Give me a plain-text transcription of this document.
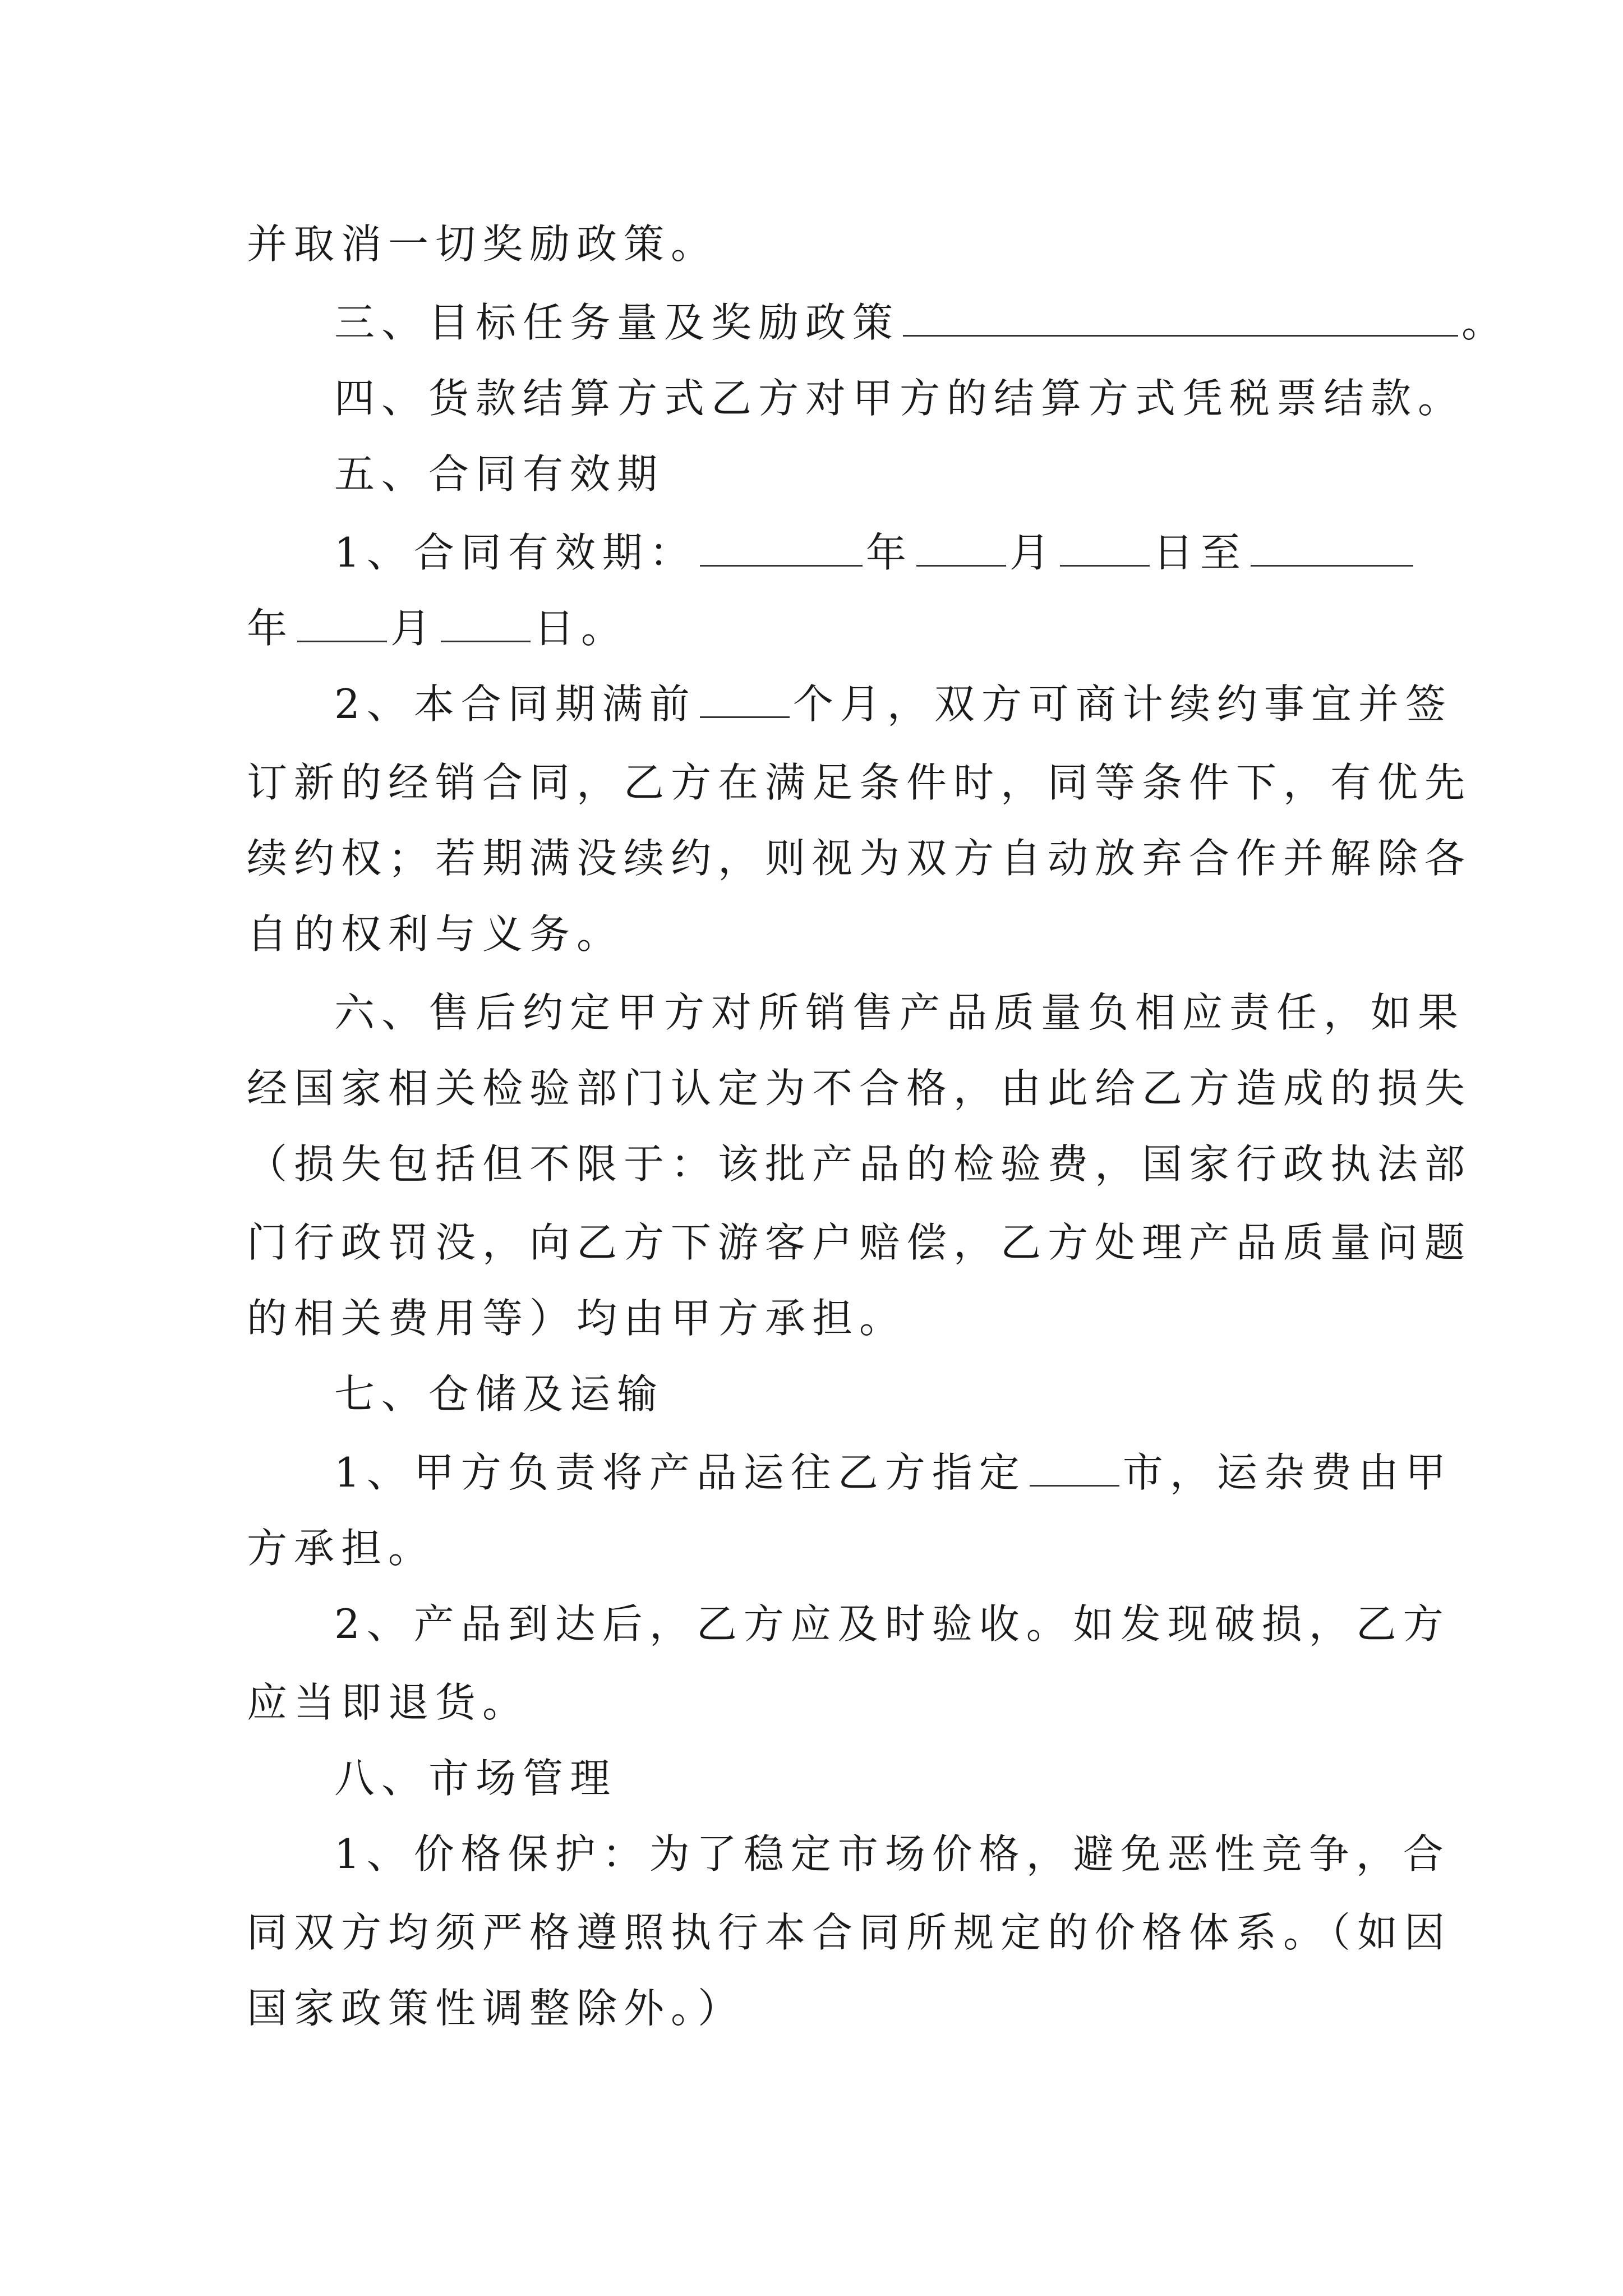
并取消一切奖励政策。
三、目标任务量及奖励政策	。
四、货款结算方式乙方对甲方的结算方式凭税票结款。
五、合同有效期
1、合同有效期：	年 月 日至
年 月 日。
2、本合同期满前 个月，双方可商计续约事宜并签
订新的经销合同，乙方在满足条件时，同等条件下，有优先
续约权；若期满没续约，则视为双方自动放弃合作并解除各
自的权利与义务。
六、售后约定甲方对所销售产品质量负相应责任，如果
经国家相关检验部门认定为不合格，由此给乙方造成的损失
（损失包括但不限于：该批产品的检验费，国家行政执法部
门行政罚没，向乙方下游客户赔偿，乙方处理产品质量问题
的相关费用等）均由甲方承担。
七、仓储及运输
1、甲方负责将产品运往乙方指定 市，运杂费由甲
方承担。
2、产品到达后，乙方应及时验收。如发现破损，乙方
应当即退货。
八、市场管理
1、价格保护：为了稳定市场价格，避免恶性竞争，合
同双方均须严格遵照执行本合同所规定的价格体系。（如因
国家政策性调整除外。）
